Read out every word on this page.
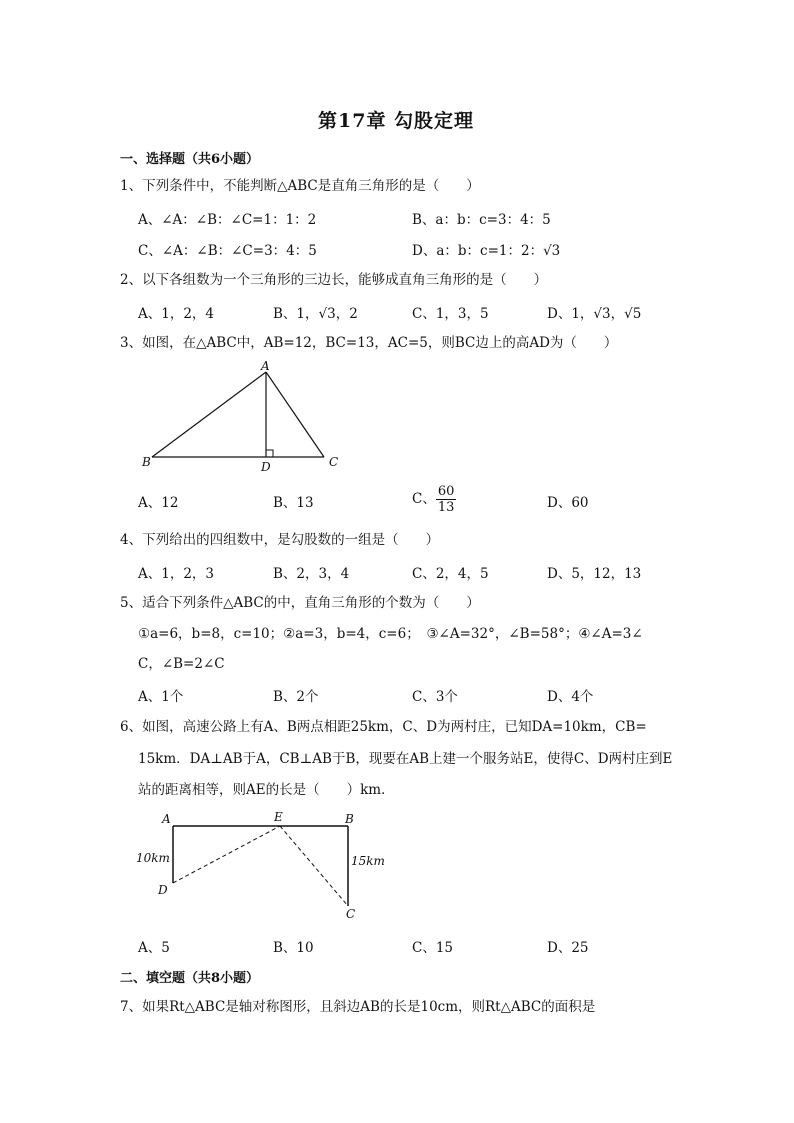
第17章 勾股定理
一、选择题（共6小题）
1、下列条件中，不能判断△ABC是直角三角形的是（　　）
A、∠A：∠B：∠C=1：1：2	B、a：b：c=3：4：5
C、∠A：∠B：∠C=3：4：5	D、a：b：c=1：2：√3
2、以下各组数为一个三角形的三边长，能够成直角三角形的是（　　）
A、1，2，4	B、1，√3，2	C、1，3，5	D、1，√3，√5
3、如图，在△ABC中，AB=12，BC=13，AC=5，则BC边上的高AD为（　　）
A
B	C
D
A、12	B、13	C、 $\frac{60}{13}$	D、60
4、下列给出的四组数中，是勾股数的一组是（　　）
A、1，2，3	B、2，3，4	C、2，4，5	D、5，12，13
5、适合下列条件△ABC的中，直角三角形的个数为（　　）
①a=6，b=8，c=10；②a=3，b=4，c=6；　③∠A=32°，∠B=58°；④∠A=3∠
C，∠B=2∠C
A、1个	B、2个	C、3个	D、4个
6、如图，高速公路上有A、B两点相距25km，C、D为两村庄，已知DA=10km，CB=
15km．DA⊥AB于A，CB⊥AB于B，现要在AB上建一个服务站E，使得C、D两村庄到E
站的距离相等，则AE的长是（　　）km．
A	E	B
D
C
10km	15km
A、5	B、10	C、15	D、25
二、填空题（共8小题）
7、如果Rt△ABC是轴对称图形，且斜边AB的长是10cm，则Rt△ABC的面积是
